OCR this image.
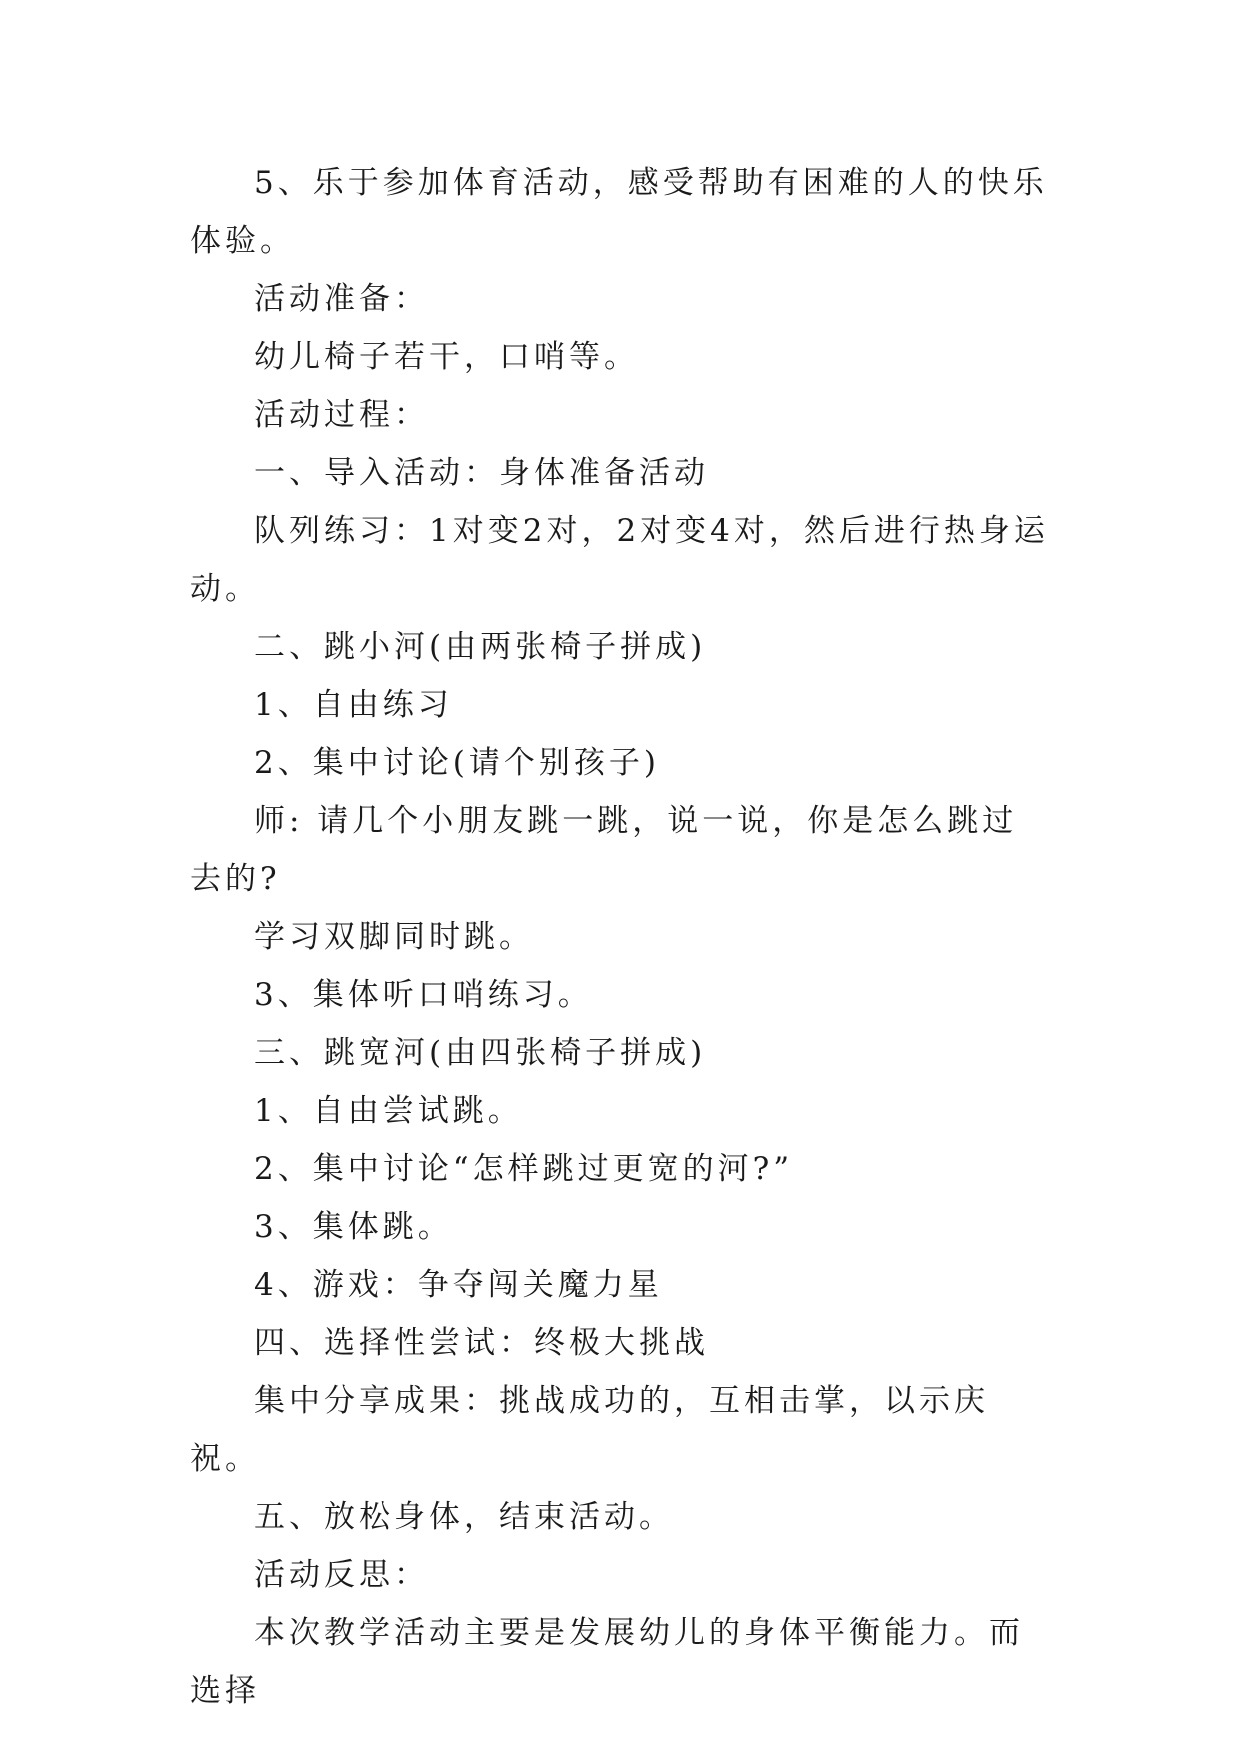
5、乐于参加体育活动，感受帮助有困难的人的快乐体验。

活动准备：

幼儿椅子若干，口哨等。

活动过程：

一、导入活动：身体准备活动

队列练习：1对变2对，2对变4对，然后进行热身运动。

二、跳小河(由两张椅子拼成)

1、自由练习

2、集中讨论(请个别孩子)

师: 请几个小朋友跳一跳，说一说，你是怎么跳过去的?

学习双脚同时跳。

3、集体听口哨练习。

三、跳宽河(由四张椅子拼成)

1、自由尝试跳。

2、集中讨论“怎样跳过更宽的河?”

3、集体跳。

4、游戏：争夺闯关魔力星

四、选择性尝试：终极大挑战

集中分享成果：挑战成功的，互相击掌，以示庆祝。

五、放松身体，结束活动。

活动反思：

本次教学活动主要是发展幼儿的身体平衡能力。而选择
